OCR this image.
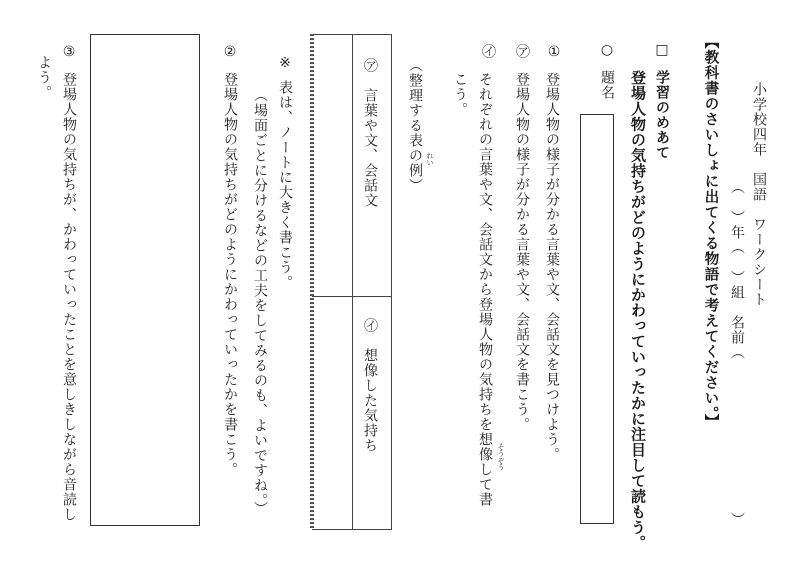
小学校四年　国語　ワークシート
（　）年（　）組　名前（
）
【教科書のさいしょに出てくる物語で考えてください。】
□
学習のめあて
登場人物の気持ちがどのようにかわっていったかに注目して読もう。
○
題名
①
登場人物の様子が分かる言葉や文、会話文を見つけよう。
㋐
登場人物の様子が分かる言葉や文、会話文を書こう。
㋑
それぞれの言葉や文、会話文から登場人物の気持ちを想像して書 そうぞう
こう。
（整理する表の例） れい
㋐　言葉や文、会話文
㋑　想像した気持ち
※
表は、ノートに大きく書こう。
（場面ごとに分けるなどの工夫をしてみるのも、よいですね。）
②
登場人物の気持ちがどのようにかわっていったかを書こう。
③
登場人物の気持ちが、かわっていったことを意しきしながら音読し
よう。
